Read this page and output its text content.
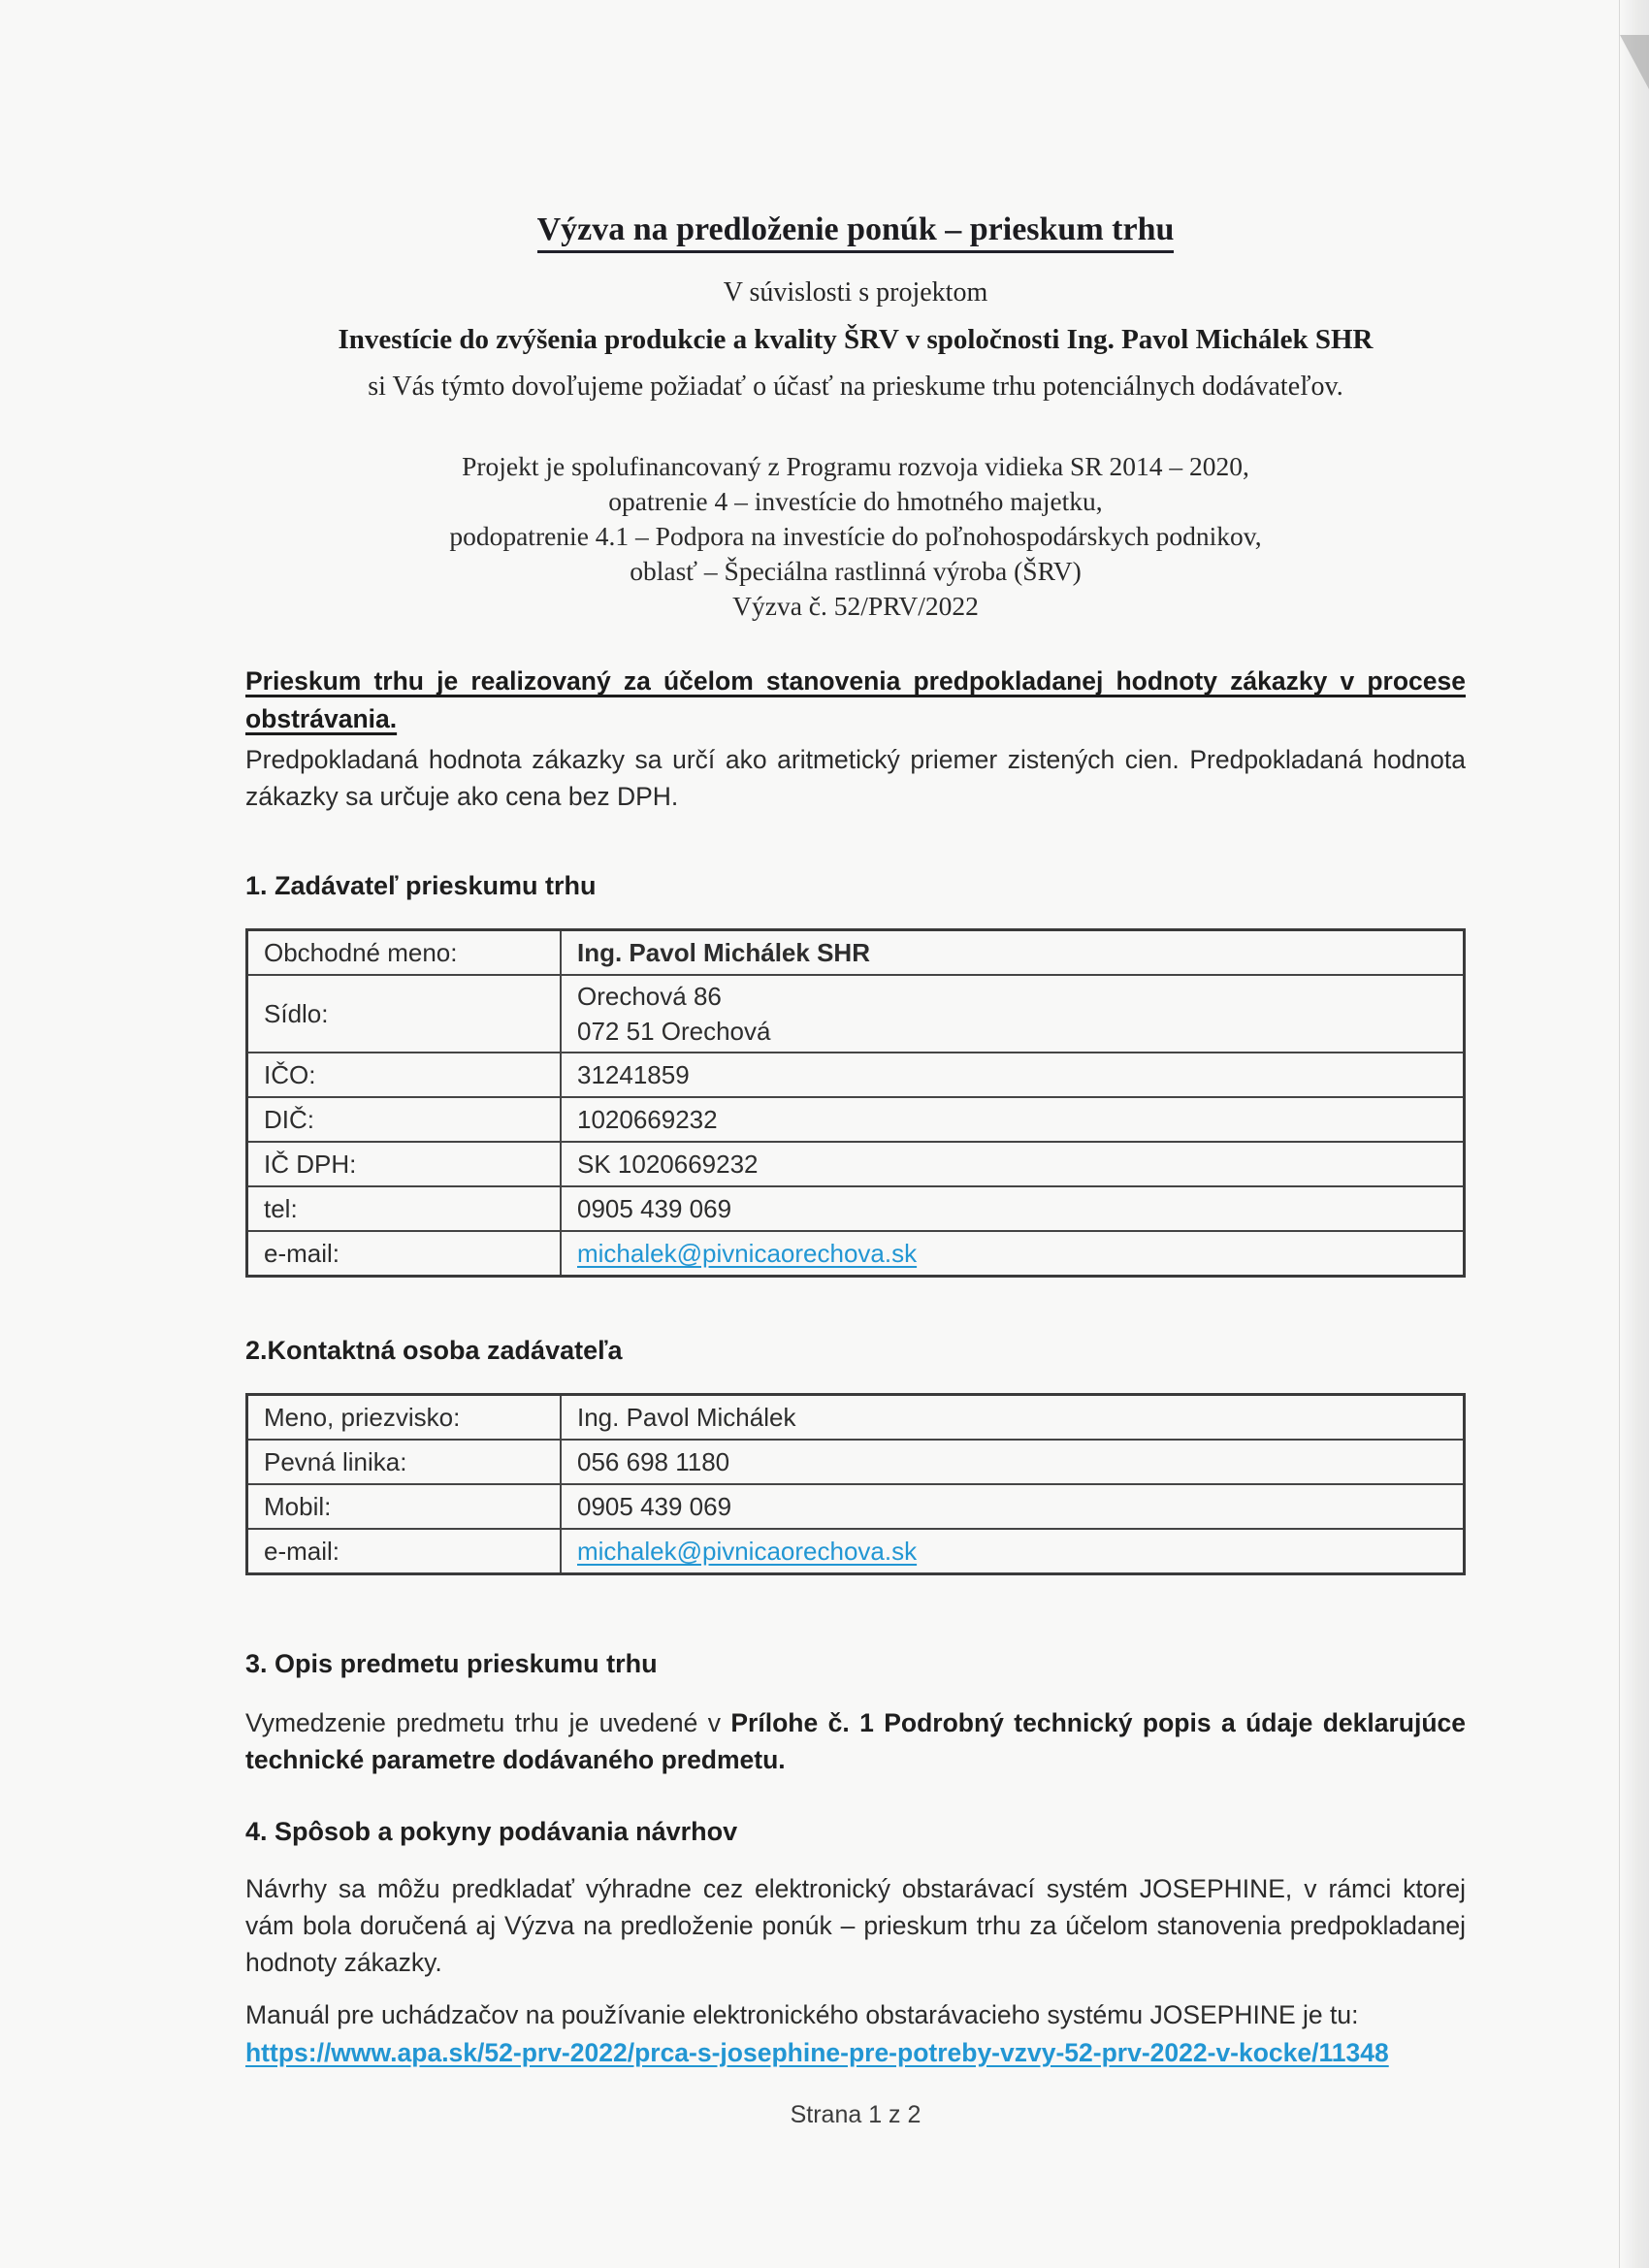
Výzva na predloženie ponúk – prieskum trhu
V súvislosti s projektom
Investície do zvýšenia produkcie a kvality ŠRV v spoločnosti Ing. Pavol Michálek SHR
si Vás týmto dovoľujeme požiadať o účasť na prieskume trhu potenciálnych dodávateľov.
Projekt je spolufinancovaný z Programu rozvoja vidieka SR 2014 – 2020,
opatrenie 4 – investície do hmotného majetku,
podopatrenie 4.1 – Podpora na investície do poľnohospodárskych podnikov,
oblasť – Špeciálna rastlinná výroba (ŠRV)
Výzva č. 52/PRV/2022
Prieskum trhu je realizovaný za účelom stanovenia predpokladanej hodnoty zákazky v procese obstrávania.
Predpokladaná hodnota zákazky sa určí ako aritmetický priemer zistených cien. Predpokladaná hodnota zákazky sa určuje ako cena bez DPH.
1. Zadávateľ prieskumu trhu
Obchodné meno:	Ing. Pavol Michálek SHR
Sídlo:	Orechová 86
072 51 Orechová

IČO:	31241859
DIČ:	1020669232
IČ DPH:	SK 1020669232
tel:	0905 439 069
e-mail:	michalek@pivnicaorechova.sk
2.Kontaktná osoba zadávateľa
Meno, priezvisko:	Ing. Pavol Michálek
Pevná linika:	056 698 1180
Mobil:	0905 439 069
e-mail:	michalek@pivnicaorechova.sk
3. Opis predmetu prieskumu trhu
Vymedzenie predmetu trhu je uvedené v Prílohe č. 1 Podrobný technický popis a údaje deklarujúce technické parametre dodávaného predmetu.
4. Spôsob a pokyny podávania návrhov
Návrhy sa môžu predkladať výhradne cez elektronický obstarávací systém JOSEPHINE, v rámci ktorej vám bola doručená aj Výzva na predloženie ponúk – prieskum trhu za účelom stanovenia predpokladanej hodnoty zákazky.
Manuál pre uchádzačov na používanie elektronického obstarávacieho systému JOSEPHINE je tu:
https://www.apa.sk/52-prv-2022/prca-s-josephine-pre-potreby-vzvy-52-prv-2022-v-kocke/11348
Strana 1 z 2
